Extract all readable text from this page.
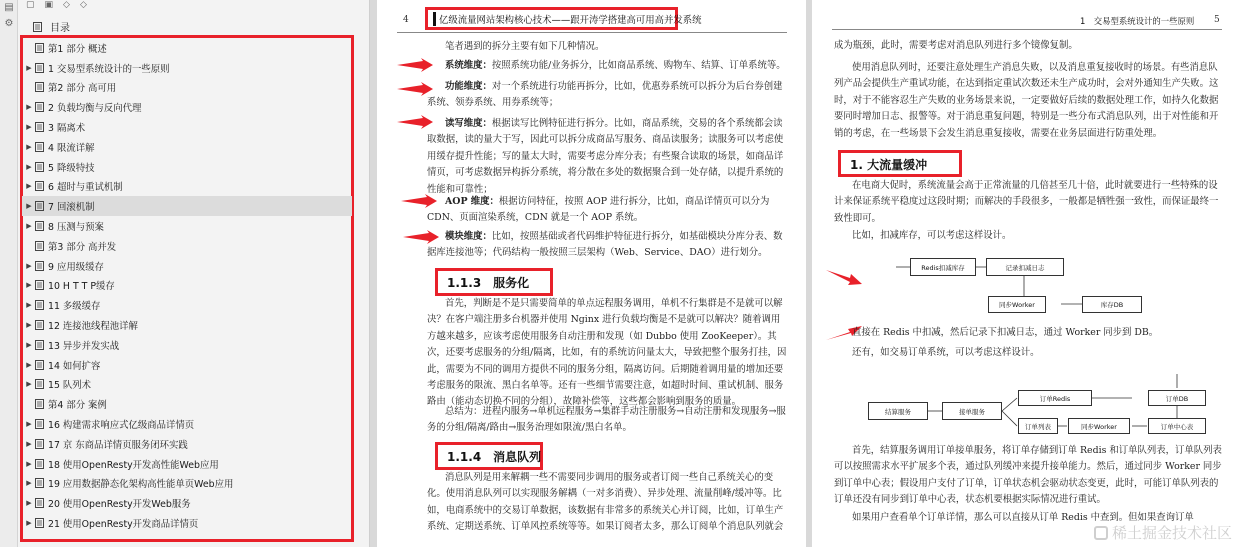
▤
⚙
▢ ▣ ◇ ◇
目录
第1 部分 概述
▶ 1 交易型系统设计的一些原则
第2 部分 高可用
▶ 2 负载均衡与反向代理
▶ 3 隔离术
▶ 4 限流详解
▶ 5 降级特技
▶ 6 超时与重试机制
▶ 7 回滚机制
▶ 8 压测与预案
第3 部分 高并发
▶ 9 应用级缓存
▶ 10 H T T P缓存
▶ 11 多级缓存
▶ 12 连接池线程池详解
▶ 13 异步并发实战
▶ 14 如何扩容
▶ 15 队列术
第4 部分 案例
▶ 16 构建需求响应式亿级商品详情页
▶ 17 京 东商品详情页服务闭环实践
▶ 18 使用OpenResty开发高性能Web应用
▶ 19 应用数据静态化架构高性能单页Web应用
▶ 20 使用OpenResty开发Web服务
▶ 21 使用OpenResty开发商品详情页
4	亿级流量网站架构核心技术——跟开涛学搭建高可用高并发系统
笔者遇到的拆分主要有如下几种情况。
系统维度：按照系统功能/业务拆分，比如商品系统、购物车、结算、订单系统等。
功能维度：对一个系统进行功能再拆分，比如，优惠券系统可以拆分为后台券创建系统、领券系统、用券系统等；
读写维度：根据读写比例特征进行拆分。比如，商品系统，交易的各个系统都会读取数据，读的量大于写，因此可以拆分成商品写服务、商品读服务；读服务可以考虑使用缓存提升性能；写的量太大时，需要考虑分库分表；有些聚合读取的场景，如商品详情页，可考虑数据异构拆分系统，将分散在多处的数据聚合到一处存储，以提升系统的性能和可靠性；
AOP 维度：根据访问特征，按照 AOP 进行拆分，比如，商品详情页可以分为 CDN、页面渲染系统，CDN 就是一个 AOP 系统。
模块维度：比如，按照基础或者代码维护特征进行拆分，如基础模块分库分表、数据库连接池等；代码结构一般按照三层架构（Web、Service、DAO）进行划分。
1.1.3　服务化
首先，判断是不是只需要简单的单点远程服务调用，单机不行集群是不是就可以解决？在客户端注册多台机器并使用 Nginx 进行负载均衡是不是就可以解决？随着调用方越来越多，应该考虑使用服务自动注册和发现（如 Dubbo 使用 ZooKeeper）。其次，还要考虑服务的分组/隔离，比如，有的系统访问量太大，导致把整个服务打挂，因此，需要为不同的调用方提供不同的服务分组，隔离访问。后期随着调用量的增加还要考虑服务的限流、黑白名单等。还有一些细节需要注意，如超时时间、重试机制、服务路由（能动态切换不同的分组），故障补偿等，这些都会影响到服务的质量。
总结为：进程内服务→单机远程服务→集群手动注册服务→自动注册和发现服务→服务的分组/隔离/路由→服务治理如限流/黑白名单。
1.1.4　消息队列
消息队列是用来解耦一些不需要同步调用的服务或者订阅一些自己系统关心的变化。使用消息队列可以实现服务解耦（一对多消费）、异步处理、流量削峰/缓冲等。比如，电商系统中的交易订单数据，该数据有非常多的系统关心并订阅，比如，订单生产系统、定期送系统、订单风控系统等等。如果订阅者太多，那么订阅单个消息队列就会
1　交易型系统设计的一些原则 5
成为瓶颈，此时，需要考虑对消息队列进行多个镜像复制。
使用消息队列时，还要注意处理生产消息失败，以及消息重复接收时的场景。有些消息队列产品会提供生产重试功能，在达到指定重试次数还未生产成功时，会对外通知生产失败。这时，对于不能容忍生产失败的业务场景来说，一定要做好后续的数据处理工作，如持久化数据要同时增加日志、报警等。对于消息重复问题，特别是一些分布式消息队列，出于对性能和开销的考虑，在一些场景下会发生消息重复接收，需要在业务层面进行防重处理。
1. 大流量缓冲
在电商大促时，系统流量会高于正常流量的几倍甚至几十倍，此时就要进行一些特殊的设计来保证系统平稳度过这段时期；而解决的手段很多，一般都是牺牲强一致性，而保证最终一致性即可。
比如，扣减库存，可以考虑这样设计。
Redis扣减库存	记录扣减日志
同步Worker	库存DB
直接在 Redis 中扣减，然后记录下扣减日志，通过 Worker 同步到 DB。
还有，如交易订单系统，可以考虑这样设计。
结算服务	接单服务
订单Redis
订单列表	同步Worker
订单DB
订单中心表
首先，结算服务调用订单接单服务，将订单存储到订单 Redis 和订单队列表，订单队列表可以按照需求水平扩展多个表，通过队列缓冲来提升接单能力。然后，通过同步 Worker 同步到订单中心表；假设用户支付了订单，订单状态机会驱动状态变更，此时，可能订单队列表的订单还没有同步到订单中心表，状态机要根据实际情况进行重试。
如果用户查看单个订单详情，那么可以直接从订单 Redis 中查到。但如果查询订单
稀土掘金技术社区
